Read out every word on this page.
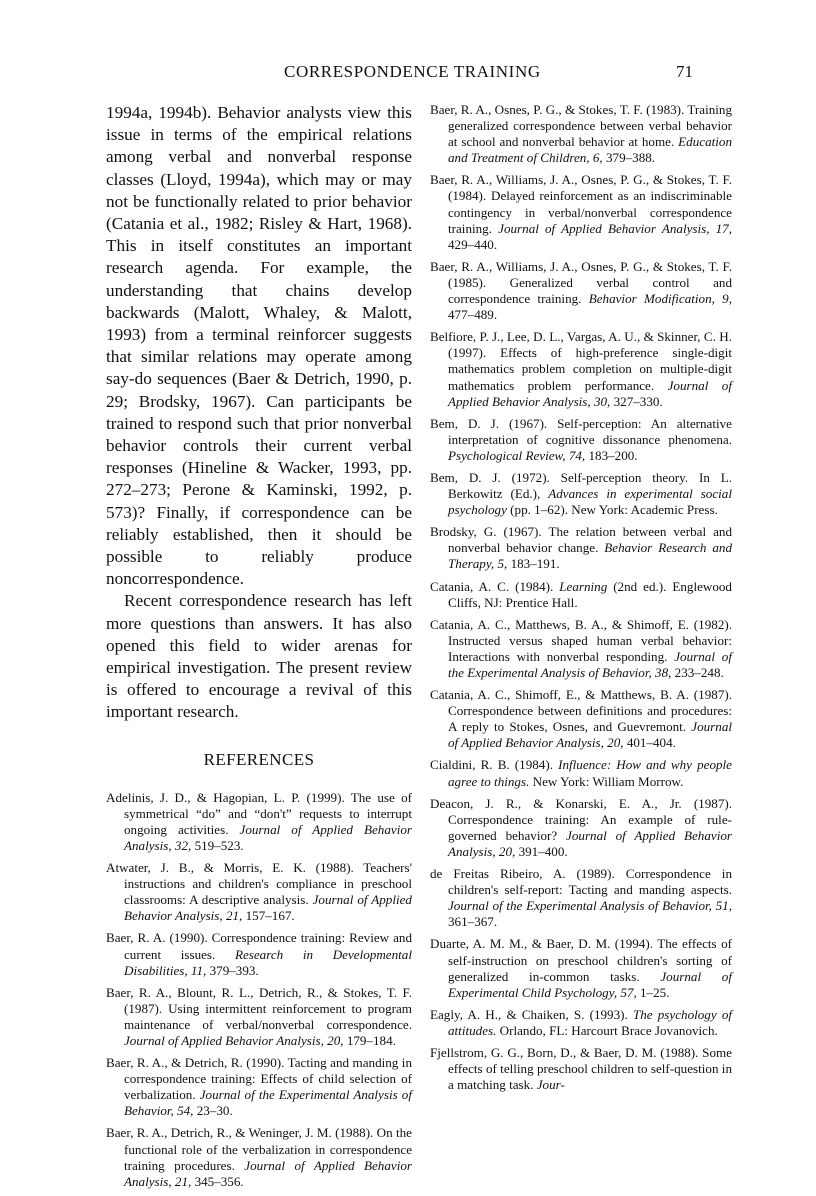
CORRESPONDENCE TRAINING	71

1994a, 1994b). Behavior analysts view this issue in terms of the empirical relations among verbal and nonverbal response classes (Lloyd, 1994a), which may or may not be functionally related to prior behavior (Catania et al., 1982; Risley & Hart, 1968). This in itself constitutes an important research agenda. For example, the understanding that chains develop backwards (Malott, Whaley, & Malott, 1993) from a terminal reinforcer suggests that similar relations may operate among say-do sequences (Baer & Detrich, 1990, p. 29; Brodsky, 1967). Can participants be trained to respond such that prior nonverbal behavior controls their current verbal responses (Hineline & Wacker, 1993, pp. 272–273; Perone & Kaminski, 1992, p. 573)? Finally, if correspondence can be reliably established, then it should be possible to reliably produce noncorrespondence.

Recent correspondence research has left more questions than answers. It has also opened this field to wider arenas for empirical investigation. The present review is offered to encourage a revival of this important research.

REFERENCES

Adelinis, J. D., & Hagopian, L. P. (1999). The use of symmetrical “do” and “don't” requests to interrupt ongoing activities. Journal of Applied Behavior Analysis, 32, 519–523.

Atwater, J. B., & Morris, E. K. (1988). Teachers' instructions and children's compliance in preschool classrooms: A descriptive analysis. Journal of Applied Behavior Analysis, 21, 157–167.

Baer, R. A. (1990). Correspondence training: Review and current issues. Research in Developmental Disabilities, 11, 379–393.

Baer, R. A., Blount, R. L., Detrich, R., & Stokes, T. F. (1987). Using intermittent reinforcement to program maintenance of verbal/nonverbal correspondence. Journal of Applied Behavior Analysis, 20, 179–184.

Baer, R. A., & Detrich, R. (1990). Tacting and manding in correspondence training: Effects of child selection of verbalization. Journal of the Experimental Analysis of Behavior, 54, 23–30.

Baer, R. A., Detrich, R., & Weninger, J. M. (1988). On the functional role of the verbalization in correspondence training procedures. Journal of Applied Behavior Analysis, 21, 345–356.

Baer, R. A., Osnes, P. G., & Stokes, T. F. (1983). Training generalized correspondence between verbal behavior at school and nonverbal behavior at home. Education and Treatment of Children, 6, 379–388.

Baer, R. A., Williams, J. A., Osnes, P. G., & Stokes, T. F. (1984). Delayed reinforcement as an indiscriminable contingency in verbal/nonverbal correspondence training. Journal of Applied Behavior Analysis, 17, 429–440.

Baer, R. A., Williams, J. A., Osnes, P. G., & Stokes, T. F. (1985). Generalized verbal control and correspondence training. Behavior Modification, 9, 477–489.

Belfiore, P. J., Lee, D. L., Vargas, A. U., & Skinner, C. H. (1997). Effects of high-preference single-digit mathematics problem completion on multiple-digit mathematics problem performance. Journal of Applied Behavior Analysis, 30, 327–330.

Bem, D. J. (1967). Self-perception: An alternative interpretation of cognitive dissonance phenomena. Psychological Review, 74, 183–200.

Bem, D. J. (1972). Self-perception theory. In L. Berkowitz (Ed.), Advances in experimental social psychology (pp. 1–62). New York: Academic Press.

Brodsky, G. (1967). The relation between verbal and nonverbal behavior change. Behavior Research and Therapy, 5, 183–191.

Catania, A. C. (1984). Learning (2nd ed.). Englewood Cliffs, NJ: Prentice Hall.

Catania, A. C., Matthews, B. A., & Shimoff, E. (1982). Instructed versus shaped human verbal behavior: Interactions with nonverbal responding. Journal of the Experimental Analysis of Behavior, 38, 233–248.

Catania, A. C., Shimoff, E., & Matthews, B. A. (1987). Correspondence between definitions and procedures: A reply to Stokes, Osnes, and Guevremont. Journal of Applied Behavior Analysis, 20, 401–404.

Cialdini, R. B. (1984). Influence: How and why people agree to things. New York: William Morrow.

Deacon, J. R., & Konarski, E. A., Jr. (1987). Correspondence training: An example of rule-governed behavior? Journal of Applied Behavior Analysis, 20, 391–400.

de Freitas Ribeiro, A. (1989). Correspondence in children's self-report: Tacting and manding aspects. Journal of the Experimental Analysis of Behavior, 51, 361–367.

Duarte, A. M. M., & Baer, D. M. (1994). The effects of self-instruction on preschool children's sorting of generalized in-common tasks. Journal of Experimental Child Psychology, 57, 1–25.

Eagly, A. H., & Chaiken, S. (1993). The psychology of attitudes. Orlando, FL: Harcourt Brace Jovanovich.

Fjellstrom, G. G., Born, D., & Baer, D. M. (1988). Some effects of telling preschool children to self-question in a matching task. Jour-
